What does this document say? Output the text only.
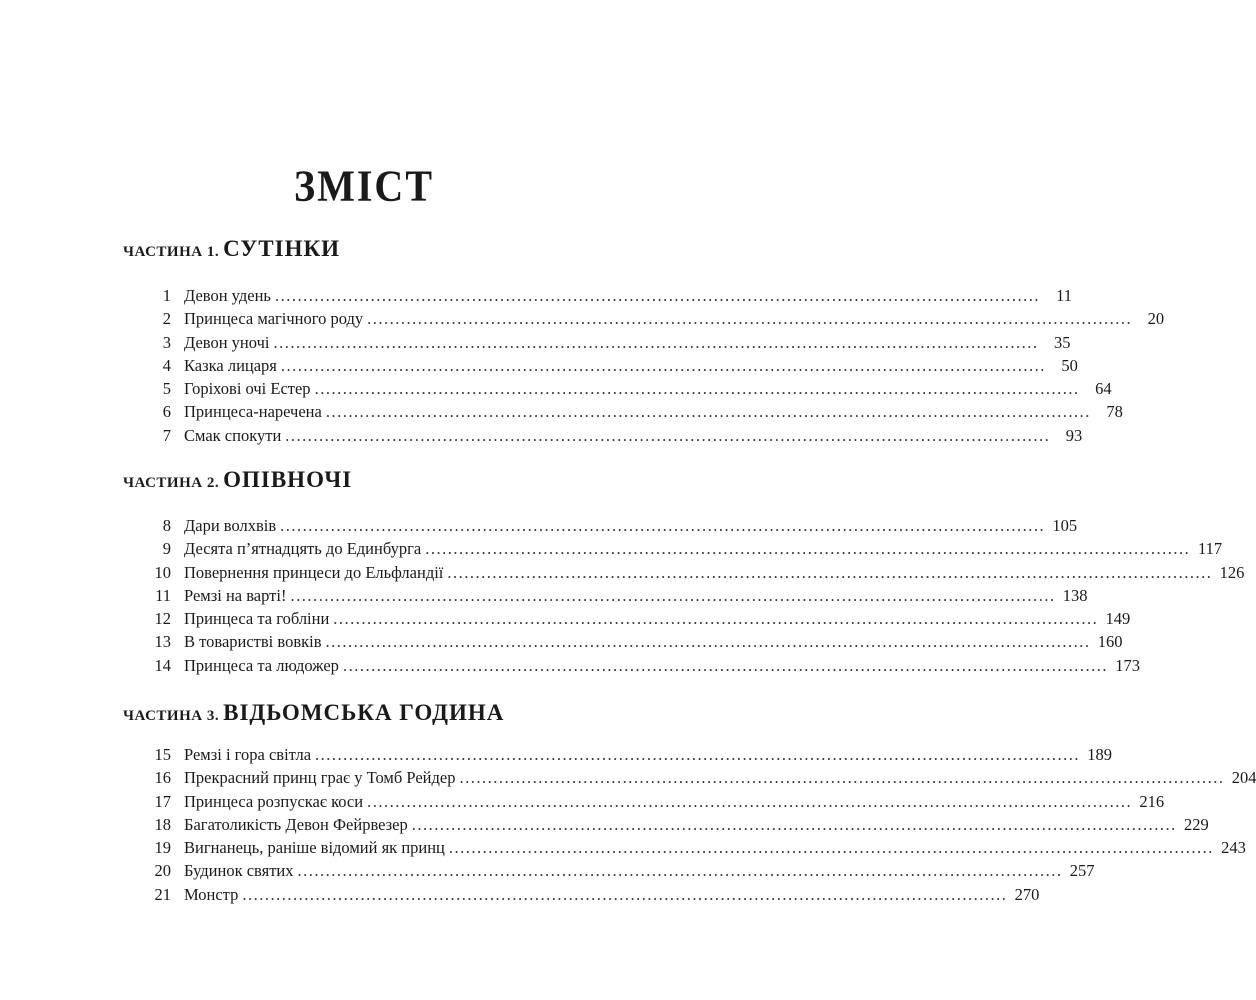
ЗМІСТ
ЧАСТИНА 1. СУТІНКИ
1 Девон удень ........................................................................................................................................ 11
2 Принцеса магічного роду ........................................................................................................................................ 20
3 Девон уночі ........................................................................................................................................ 35
4 Казка лицаря ........................................................................................................................................ 50
5 Горіхові очі Естер ........................................................................................................................................ 64
6 Принцеса-наречена ........................................................................................................................................ 78
7 Смак спокути ........................................................................................................................................ 93
ЧАСТИНА 2. ОПІВНОЧІ
8 Дари волхвів ........................................................................................................................................ 105
9 Десята п’ятнадцять до Единбурга ........................................................................................................................................ 117
10 Повернення принцеси до Ельфландії ........................................................................................................................................ 126
11 Ремзі на варті! ........................................................................................................................................ 138
12 Принцеса та гобліни ........................................................................................................................................ 149
13 В товаристві вовків ........................................................................................................................................ 160
14 Принцеса та людожер ........................................................................................................................................ 173
ЧАСТИНА 3. ВІДЬОМСЬКА ГОДИНА
15 Ремзі і гора світла ........................................................................................................................................ 189
16 Прекрасний принц грає у Томб Рейдер ........................................................................................................................................ 204
17 Принцеса розпускає коси ........................................................................................................................................ 216
18 Багатоликість Девон Фейрвезер ........................................................................................................................................ 229
19 Вигнанець, раніше відомий як принц ........................................................................................................................................ 243
20 Будинок святих ........................................................................................................................................ 257
21 Монстр ........................................................................................................................................ 270
